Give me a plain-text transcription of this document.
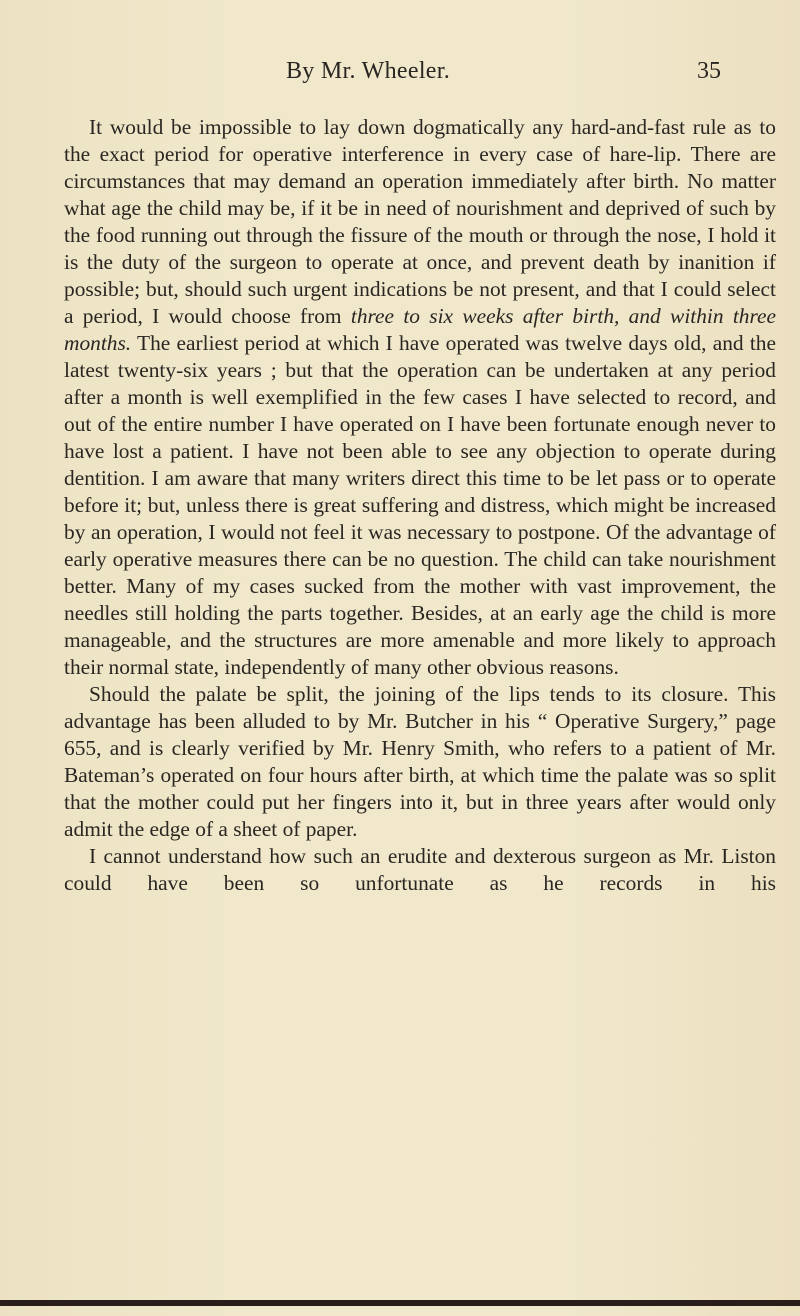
By Mr. Wheeler.	35

It would be impossible to lay down dogmatically any hard-and-fast rule as to the exact period for operative interference in every case of hare-lip. There are circumstances that may demand an operation immediately after birth. No matter what age the child may be, if it be in need of nourishment and deprived of such by the food running out through the fissure of the mouth or through the nose, I hold it is the duty of the surgeon to operate at once, and prevent death by inanition if possible; but, should such urgent indications be not present, and that I could select a period, I would choose from three to six weeks after birth, and within three months. The earliest period at which I have operated was twelve days old, and the latest twenty-six years ; but that the operation can be undertaken at any period after a month is well exemplified in the few cases I have selected to record, and out of the entire number I have operated on I have been fortunate enough never to have lost a patient. I have not been able to see any objection to operate during dentition. I am aware that many writers direct this time to be let pass or to operate before it; but, unless there is great suffering and distress, which might be increased by an operation, I would not feel it was necessary to postpone. Of the advantage of early operative measures there can be no question. The child can take nourishment better. Many of my cases sucked from the mother with vast improvement, the needles still holding the parts together. Besides, at an early age the child is more manageable, and the structures are more amenable and more likely to approach their normal state, independently of many other obvious reasons.

Should the palate be split, the joining of the lips tends to its closure. This advantage has been alluded to by Mr. Butcher in his “ Operative Surgery,” page 655, and is clearly verified by Mr. Henry Smith, who refers to a patient of Mr. Bateman’s operated on four hours after birth, at which time the palate was so split that the mother could put her fingers into it, but in three years after would only admit the edge of a sheet of paper.

I cannot understand how such an erudite and dexterous surgeon as Mr. Liston could have been so unfortunate as he records in his
